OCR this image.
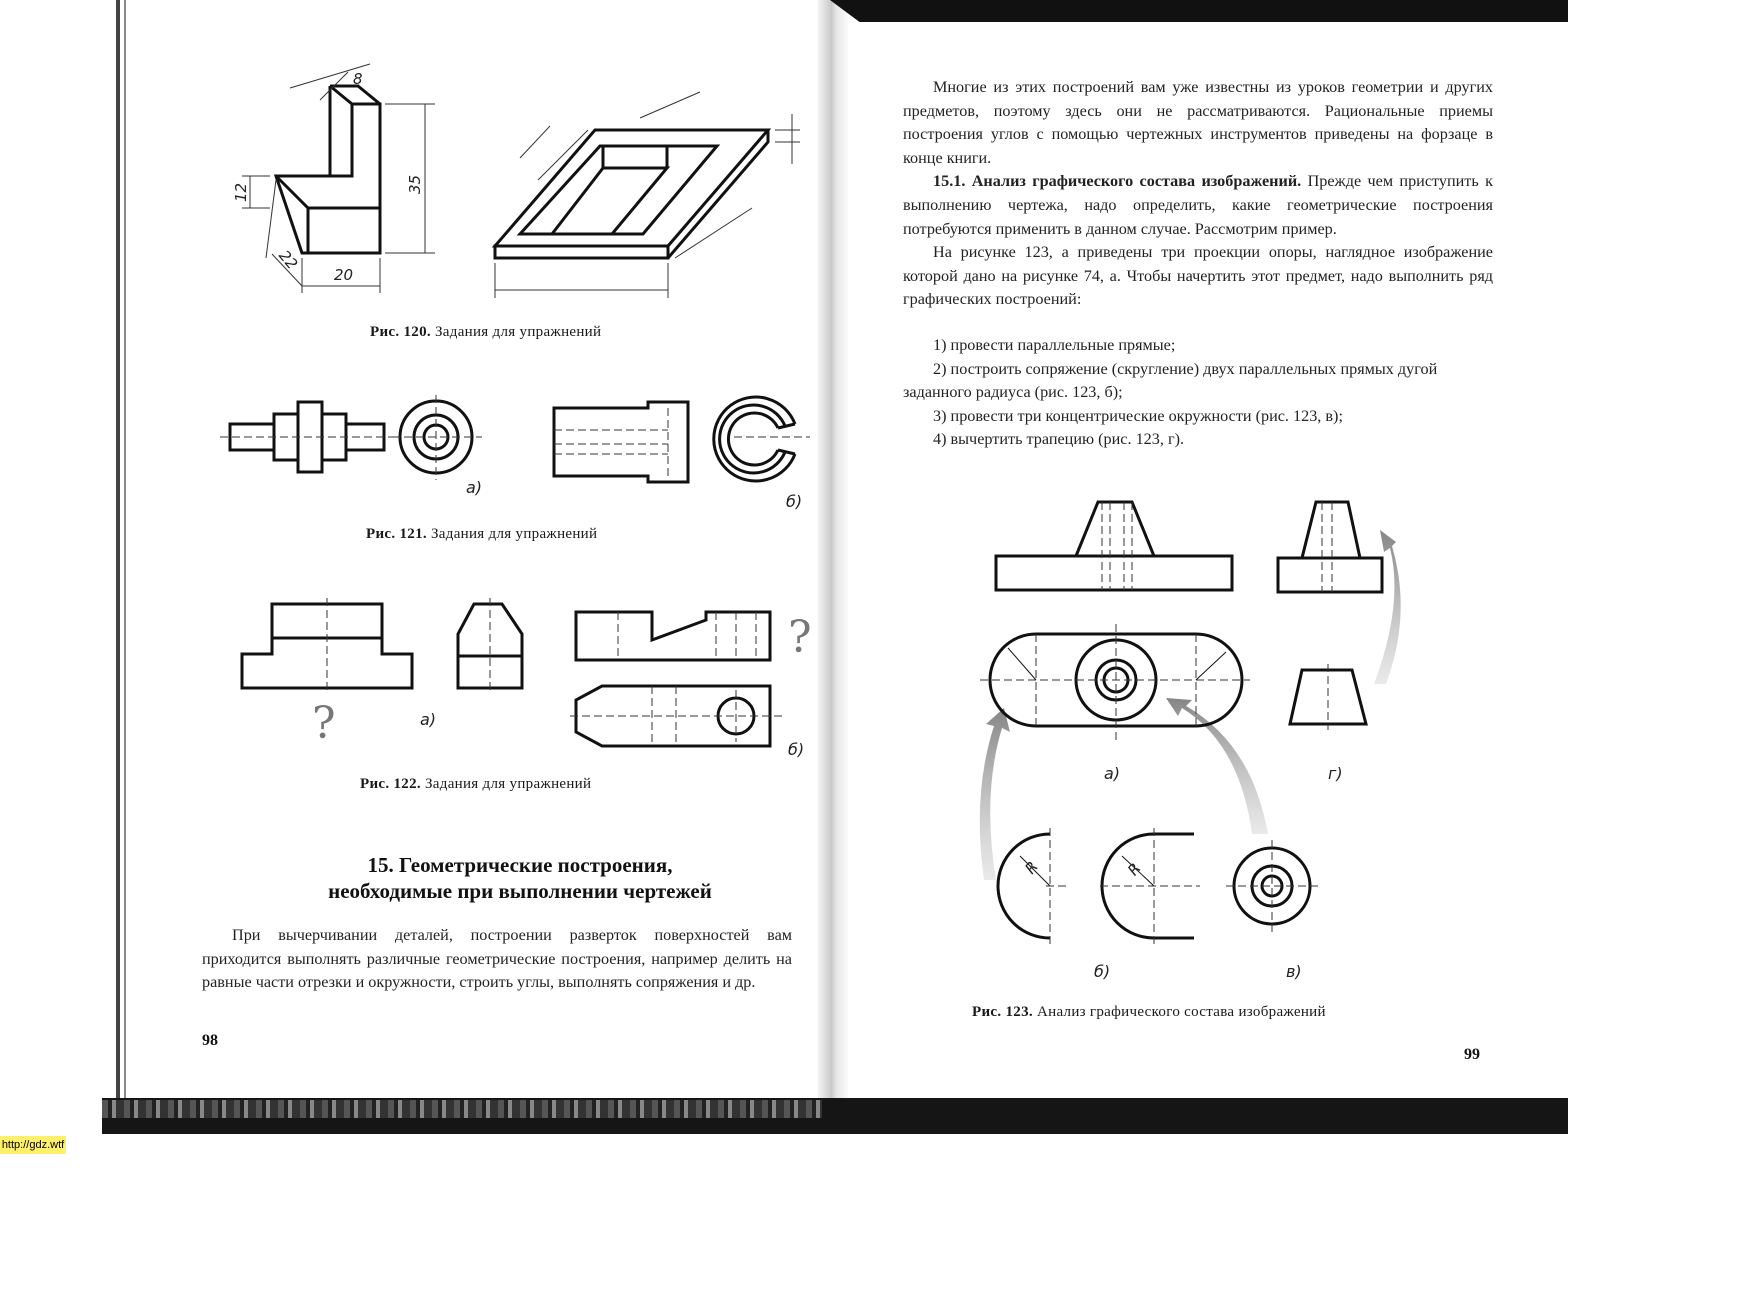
8
12	35
22
20
Рис. 120. Задания для упражнений
а)
б)
Рис. 121. Задания для упражнений
?
?
а)
б)
Рис. 122. Задания для упражнений
15. Геометрические построения,
необходимые при выполнении чертежей

При вычерчивании деталей, построении разверток поверхностей вам приходится выполнять различные геометрические построения, например делить на равные части отрезки и окружности, строить углы, выполнять сопряжения и др.

98

Многие из этих построений вам уже известны из уроков геометрии и других предметов, поэтому здесь они не рассматриваются. Рациональные приемы построения углов с помощью чертежных инструментов приведены на форзаце в конце книги.

15.1. Анализ графического состава изображений. Прежде чем приступить к выполнению чертежа, надо определить, какие геометрические построения потребуются применить в данном случае. Рассмотрим пример.

На рисунке 123, а приведены три проекции опоры, наглядное изображение которой дано на рисунке 74, а. Чтобы начертить этот предмет, надо выполнить ряд графических построений:

1) провести параллельные прямые;

2) построить сопряжение (скругление) двух параллельных прямых дугой заданного радиуса (рис. 123, б);

3) провести три концентрические окружности (рис. 123, в);

4) вычертить трапецию (рис. 123, г).

R	R
а)	г)
б)	в)
Рис. 123. Анализ графического состава изображений
99
http://gdz.wtf
